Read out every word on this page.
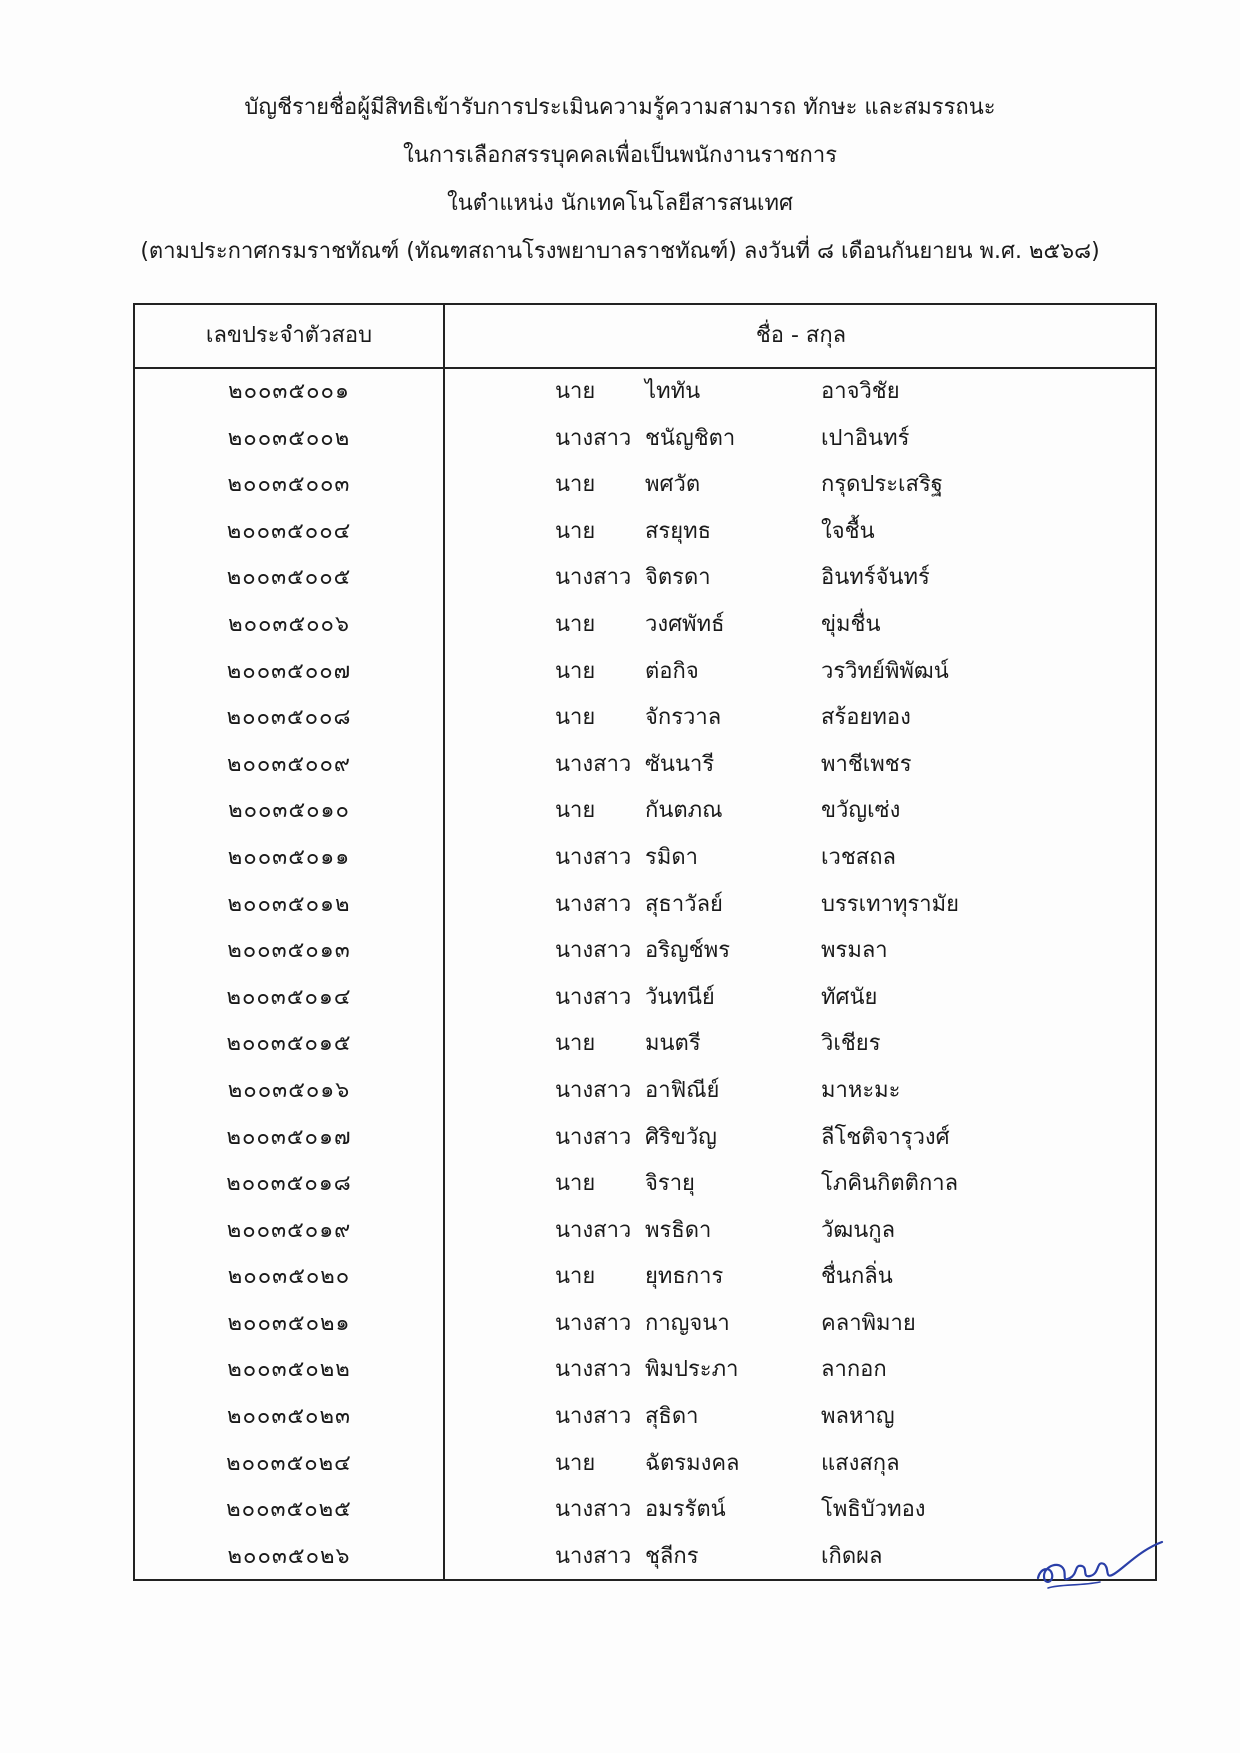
บัญชีรายชื่อผู้มีสิทธิเข้ารับการประเมินความรู้ความสามารถ ทักษะ และสมรรถนะ
ในการเลือกสรรบุคคลเพื่อเป็นพนักงานราชการ
ในตำแหน่ง นักเทคโนโลยีสารสนเทศ
(ตามประกาศกรมราชทัณฑ์ (ทัณฑสถานโรงพยาบาลราชทัณฑ์) ลงวันที่ ๘ เดือนกันยายน พ.ศ. ๒๕๖๘)
เลขประจำตัวสอบ	ชื่อ - สกุล
๒๐๐๓๕๐๐๑	นาย ไททัน	อาจวิชัย
๒๐๐๓๕๐๐๒	นางสาว ชนัญชิตา	เปาอินทร์
๒๐๐๓๕๐๐๓	นาย พศวัต	กรุดประเสริฐ
๒๐๐๓๕๐๐๔	นาย สรยุทธ	ใจชื้น
๒๐๐๓๕๐๐๕	นางสาว จิตรดา	อินทร์จันทร์
๒๐๐๓๕๐๐๖	นาย วงศพัทธ์	ขุ่มชื่น
๒๐๐๓๕๐๐๗	นาย ต่อกิจ	วรวิทย์พิพัฒน์
๒๐๐๓๕๐๐๘	นาย จักรวาล	สร้อยทอง
๒๐๐๓๕๐๐๙	นางสาว ซันนารี	พาชีเพชร
๒๐๐๓๕๐๑๐	นาย กันตภณ	ขวัญเซ่ง
๒๐๐๓๕๐๑๑	นางสาว รมิดา	เวชสถล
๒๐๐๓๕๐๑๒	นางสาว สุธาวัลย์	บรรเทาทุรามัย
๒๐๐๓๕๐๑๓	นางสาว อริญช์พร	พรมลา
๒๐๐๓๕๐๑๔	นางสาว วันทนีย์	ทัศนัย
๒๐๐๓๕๐๑๕	นาย มนตรี	วิเชียร
๒๐๐๓๕๐๑๖	นางสาว อาฟิณีย์	มาหะมะ
๒๐๐๓๕๐๑๗	นางสาว ศิริขวัญ	ลีโชติจารุวงศ์
๒๐๐๓๕๐๑๘	นาย จิรายุ	โภคินกิตติกาล
๒๐๐๓๕๐๑๙	นางสาว พรธิดา	วัฒนกูล
๒๐๐๓๕๐๒๐	นาย ยุทธการ	ชื่นกลิ่น
๒๐๐๓๕๐๒๑	นางสาว กาญจนา	คลาพิมาย
๒๐๐๓๕๐๒๒	นางสาว พิมประภา	ลากอก
๒๐๐๓๕๐๒๓	นางสาว สุธิดา	พลหาญ
๒๐๐๓๕๐๒๔	นาย ฉัตรมงคล	แสงสกุล
๒๐๐๓๕๐๒๕	นางสาว อมรรัตน์	โพธิบัวทอง
๒๐๐๓๕๐๒๖	นางสาว ชุลีกร	เกิดผล
